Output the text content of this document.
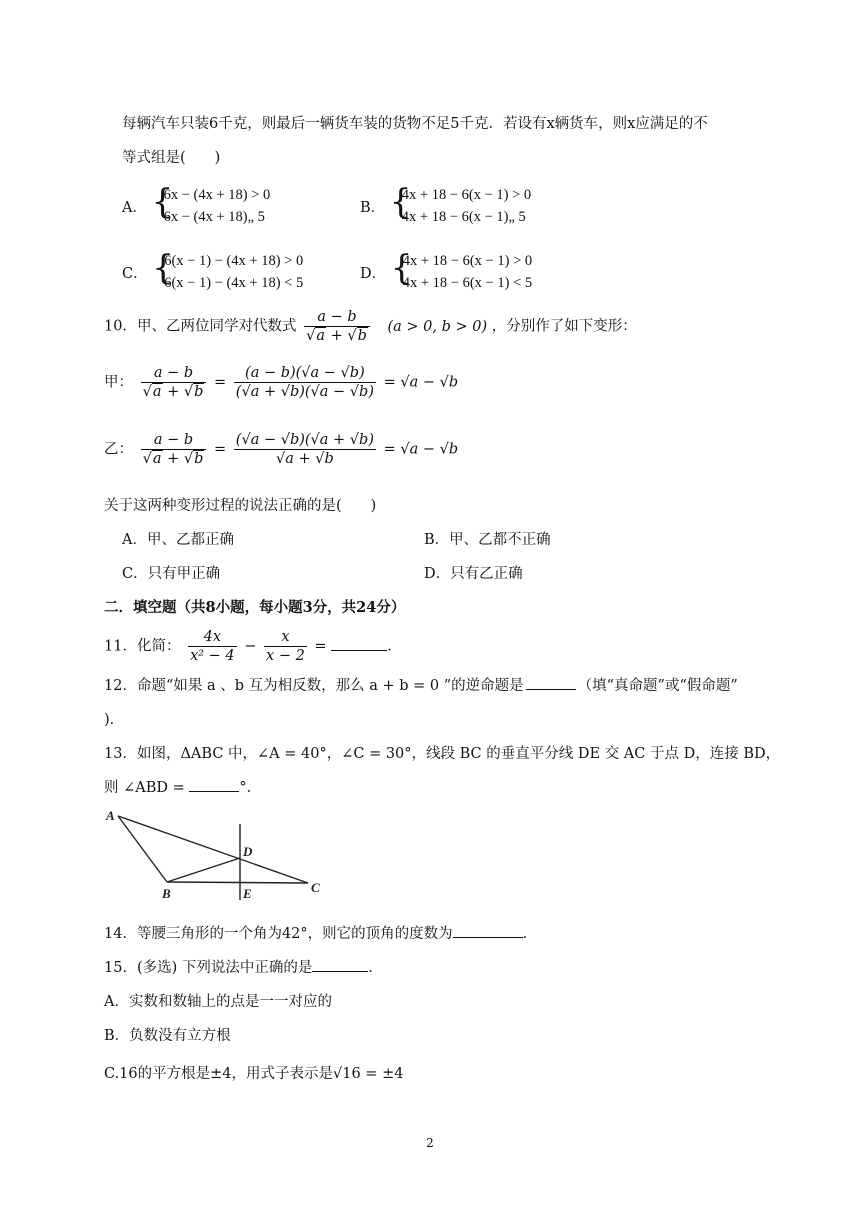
每辆汽车只装6千克，则最后一辆货车装的货物不足5千克．若设有x辆货车，则x应满足的不
等式组是(　　)
A． {
6x − (4x + 18) > 0
6x − (4x + 18)„ 5
B． {
4x + 18 − 6(x − 1) > 0
4x + 18 − 6(x − 1)„ 5
C． {
6(x − 1) − (4x + 18) > 0
6(x − 1) − (4x + 18) < 5
D． {
4x + 18 − 6(x − 1) > 0
4x + 18 − 6(x − 1) < 5
10．甲、乙两位同学对代数式 $\frac{a - b}{√a + √b} (a > 0$, b > 0) ，分别作了如下变形：
甲： $\frac{a - b}{√a + √b} = \frac{(a - b)(√a - √b)}{(√a + √b)(√a - √b)} = √a - √b$
乙： $\frac{a - b}{√a + √b} = \frac{(√a - √b)(√a + √b)}{√a + √b} = √a - √b$
关于这两种变形过程的说法正确的是(　　)
A．甲、乙都正确	B．甲、乙都不正确
C．只有甲正确	D．只有乙正确
二．填空题（共8小题，每小题3分，共24分）
11．化简： $\frac{4x}{\text{x² − 4}} - \frac{x}{x - 2}$ =	．
12．命题“如果 a 、b 互为相反数，那么 a + b = 0 ”的逆命题是	（填“真命题”或“假命题”
)．
13．如图，ΔABC 中，∠A = 40°，∠C = 30°，线段 BC 的垂直平分线 DE 交 AC 于点 D，连接 BD，
则 ∠ABD =	°．
A
B	C
D
E
14．等腰三角形的一个角为42°，则它的顶角的度数为	．
15．(多选) 下列说法中正确的是	．
A．实数和数轴上的点是一一对应的
B．负数没有立方根
C.16的平方根是±4，用式子表示是√16 = ±4
2
